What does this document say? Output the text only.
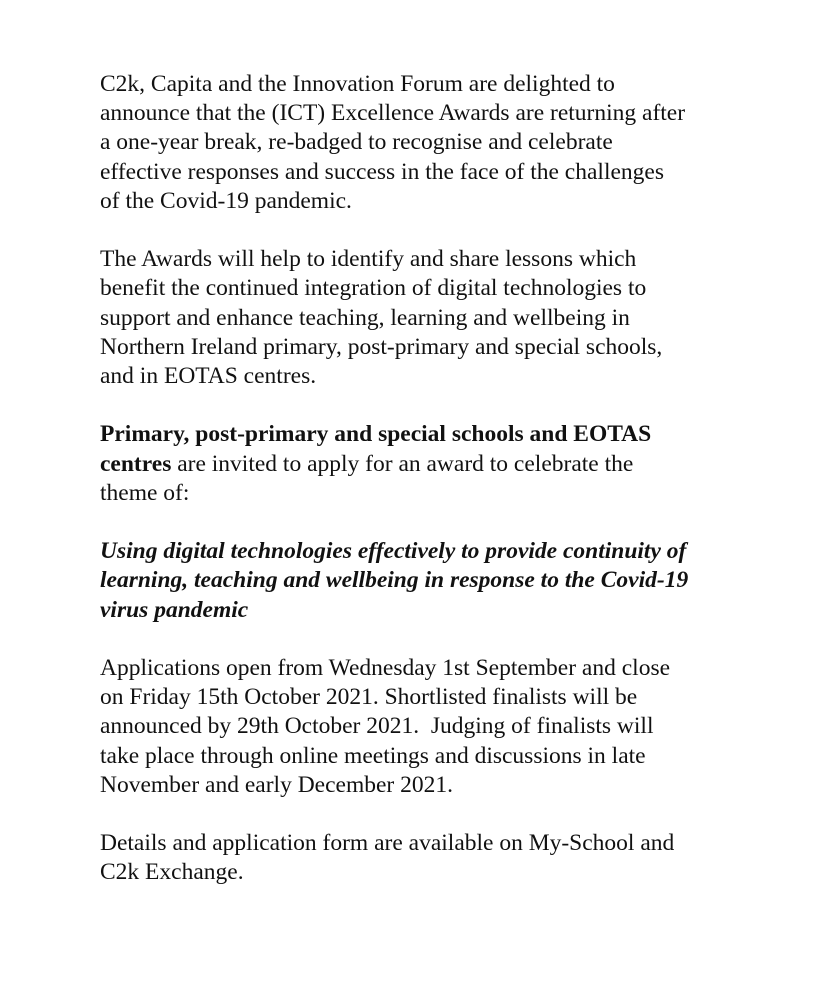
C2k, Capita and the Innovation Forum are delighted to
announce that the (ICT) Excellence Awards are returning after
a one-year break, re-badged to recognise and celebrate
effective responses and success in the face of the challenges
of the Covid-19 pandemic.

The Awards will help to identify and share lessons which
benefit the continued integration of digital technologies to
support and enhance teaching, learning and wellbeing in
Northern Ireland primary, post-primary and special schools,
and in EOTAS centres.

Primary, post-primary and special schools and EOTAS
centres are invited to apply for an award to celebrate the
theme of:

Using digital technologies effectively to provide continuity of
learning, teaching and wellbeing in response to the Covid-19
virus pandemic

Applications open from Wednesday 1st September and close
on Friday 15th October 2021. Shortlisted finalists will be
announced by 29th October 2021.  Judging of finalists will
take place through online meetings and discussions in late
November and early December 2021.

Details and application form are available on My-School and
C2k Exchange.
